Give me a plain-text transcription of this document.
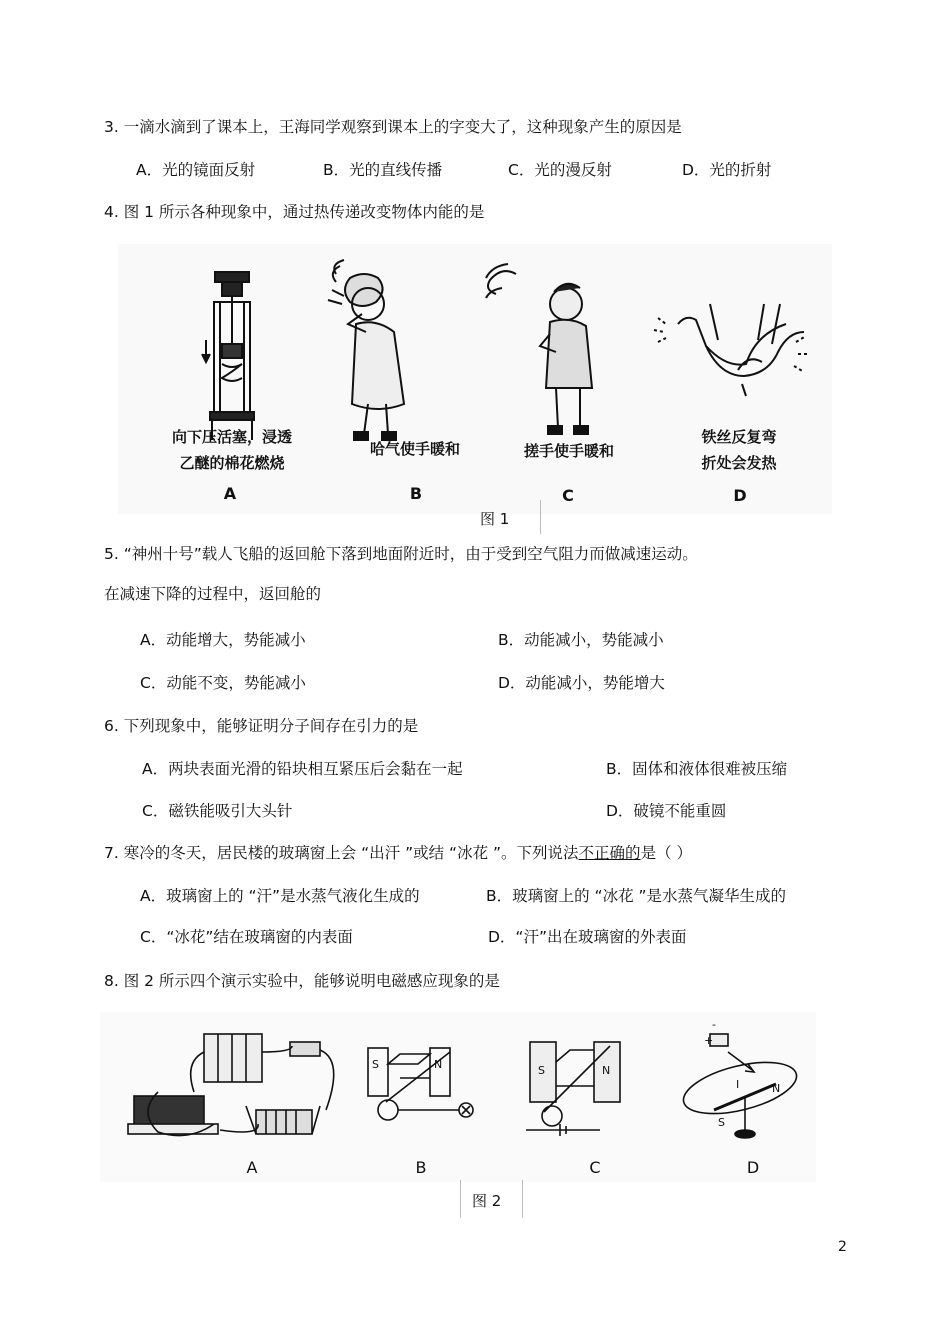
3. 一滴水滴到了课本上，王海同学观察到课本上的字变大了，这种现象产生的原因是
A．光的镜面反射	B．光的直线传播	C．光的漫反射	D．光的折射
4. 图 1 所示各种现象中，通过热传递改变物体内能的是
向下压活塞，浸透
乙醚的棉花燃烧
哈气使手暖和	搓手使手暖和
铁丝反复弯
折处会发热
A	B	C	D
图 1
5. “神州十号”载人飞船的返回舱下落到地面附近时，由于受到空气阻力而做减速运动。
在减速下降的过程中，返回舱的
A．动能增大，势能减小	B．动能减小，势能减小
C．动能不变，势能减小	D．动能减小，势能增大
6. 下列现象中，能够证明分子间存在引力的是
A．两块表面光滑的铅块相互紧压后会黏在一起	B．固体和液体很难被压缩
C．磁铁能吸引大头针	D．破镜不能重圆
7. 寒冷的冬天，居民楼的玻璃窗上会 “出汗 ”或结 “冰花 ”。下列说法不正确的是（ ）
A．玻璃窗上的 “汗”是水蒸气液化生成的	B．玻璃窗上的 “冰花 ”是水蒸气凝华生成的
C．“冰花”结在玻璃窗的内表面	D．“汗”出在玻璃窗的外表面
8. 图 2 所示四个演示实验中，能够说明电磁感应现象的是
A	B	C	D
S	N	S	N
S
N
I
-
+
图 2
2
